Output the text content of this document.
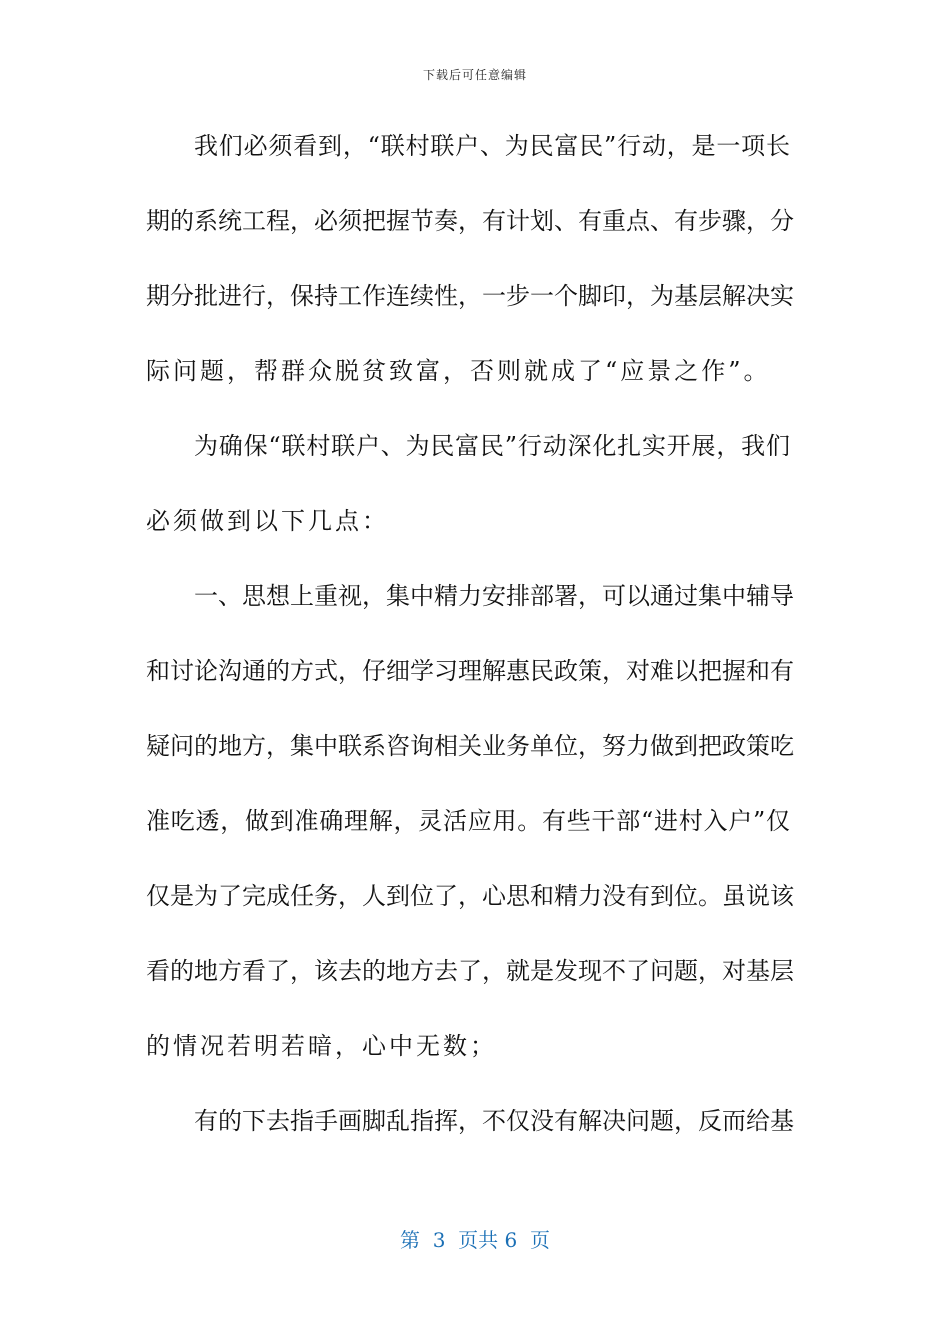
下载后可任意编辑
我们必须看到，“联村联户、为民富民”行动，是一项长
期的系统工程，必须把握节奏，有计划、有重点、有步骤，分
期分批进行，保持工作连续性，一步一个脚印，为基层解决实
际问题，帮群众脱贫致富，否则就成了“应景之作”。
为确保“联村联户、为民富民”行动深化扎实开展，我们
必须做到以下几点：
一、思想上重视，集中精力安排部署，可以通过集中辅导
和讨论沟通的方式，仔细学习理解惠民政策，对难以把握和有
疑问的地方，集中联系咨询相关业务单位，努力做到把政策吃
准吃透，做到准确理解，灵活应用。有些干部“进村入户”仅
仅是为了完成任务，人到位了，心思和精力没有到位。虽说该
看的地方看了，该去的地方去了，就是发现不了问题，对基层
的情况若明若暗，心中无数；
有的下去指手画脚乱指挥，不仅没有解决问题，反而给基
第  3  页共 6  页
